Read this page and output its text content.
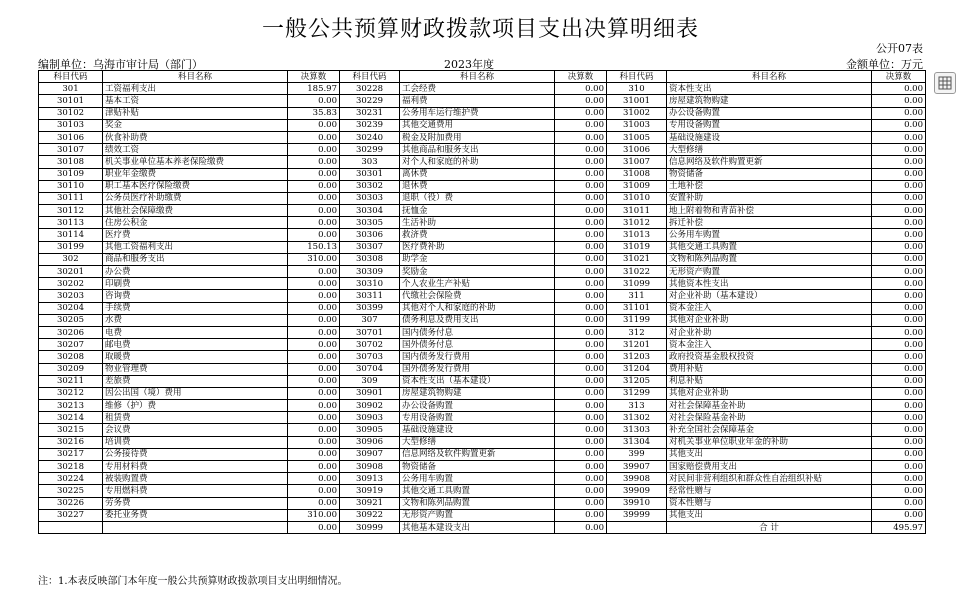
一般公共预算财政拨款项目支出决算明细表
公开07表
编制单位：乌海市审计局（部门）	2023年度	金额单位：万元
科目代码	科目名称	决算数	科目代码	科目名称	决算数	科目代码	科目名称	决算数
301	工资福利支出	185.97	30228	工会经费	0.00	310	资本性支出	0.00
30101	基本工资	0.00	30229	福利费	0.00	31001	房屋建筑物购建	0.00
30102	津贴补贴	35.83	30231	公务用车运行维护费	0.00	31002	办公设备购置	0.00
30103	奖金	0.00	30239	其他交通费用	0.00	31003	专用设备购置	0.00
30106	伙食补助费	0.00	30240	税金及附加费用	0.00	31005	基础设施建设	0.00
30107	绩效工资	0.00	30299	其他商品和服务支出	0.00	31006	大型修缮	0.00
30108	机关事业单位基本养老保险缴费	0.00	303	对个人和家庭的补助	0.00	31007	信息网络及软件购置更新	0.00
30109	职业年金缴费	0.00	30301	离休费	0.00	31008	物资储备	0.00
30110	职工基本医疗保险缴费	0.00	30302	退休费	0.00	31009	土地补偿	0.00
30111	公务员医疗补助缴费	0.00	30303	退职（役）费	0.00	31010	安置补助	0.00
30112	其他社会保障缴费	0.00	30304	抚恤金	0.00	31011	地上附着物和青苗补偿	0.00
30113	住房公积金	0.00	30305	生活补助	0.00	31012	拆迁补偿	0.00
30114	医疗费	0.00	30306	救济费	0.00	31013	公务用车购置	0.00
30199	其他工资福利支出	150.13	30307	医疗费补助	0.00	31019	其他交通工具购置	0.00
302	商品和服务支出	310.00	30308	助学金	0.00	31021	文物和陈列品购置	0.00
30201	办公费	0.00	30309	奖励金	0.00	31022	无形资产购置	0.00
30202	印刷费	0.00	30310	个人农业生产补贴	0.00	31099	其他资本性支出	0.00
30203	咨询费	0.00	30311	代缴社会保险费	0.00	311	对企业补助（基本建设）	0.00
30204	手续费	0.00	30399	其他对个人和家庭的补助	0.00	31101	资本金注入	0.00
30205	水费	0.00	307	债务利息及费用支出	0.00	31199	其他对企业补助	0.00
30206	电费	0.00	30701	国内债务付息	0.00	312	对企业补助	0.00
30207	邮电费	0.00	30702	国外债务付息	0.00	31201	资本金注入	0.00
30208	取暖费	0.00	30703	国内债务发行费用	0.00	31203	政府投资基金股权投资	0.00
30209	物业管理费	0.00	30704	国外债务发行费用	0.00	31204	费用补贴	0.00
30211	差旅费	0.00	309	资本性支出（基本建设）	0.00	31205	利息补贴	0.00
30212	因公出国（境）费用	0.00	30901	房屋建筑物购建	0.00	31299	其他对企业补助	0.00
30213	维修（护）费	0.00	30902	办公设备购置	0.00	313	对社会保障基金补助	0.00
30214	租赁费	0.00	30903	专用设备购置	0.00	31302	对社会保险基金补助	0.00
30215	会议费	0.00	30905	基础设施建设	0.00	31303	补充全国社会保障基金	0.00
30216	培训费	0.00	30906	大型修缮	0.00	31304	对机关事业单位职业年金的补助	0.00
30217	公务接待费	0.00	30907	信息网络及软件购置更新	0.00	399	其他支出	0.00
30218	专用材料费	0.00	30908	物资储备	0.00	39907	国家赔偿费用支出	0.00
30224	被装购置费	0.00	30913	公务用车购置	0.00	39908	对民间非营利组织和群众性自治组织补贴	0.00
30225	专用燃料费	0.00	30919	其他交通工具购置	0.00	39909	经常性赠与	0.00
30226	劳务费	0.00	30921	文物和陈列品购置	0.00	39910	资本性赠与	0.00
30227	委托业务费	310.00	30922	无形资产购置	0.00	39999	其他支出	0.00
		0.00	30999	其他基本建设支出	0.00		合 计	495.97
注：1.本表反映部门本年度一般公共预算财政拨款项目支出明细情况。
